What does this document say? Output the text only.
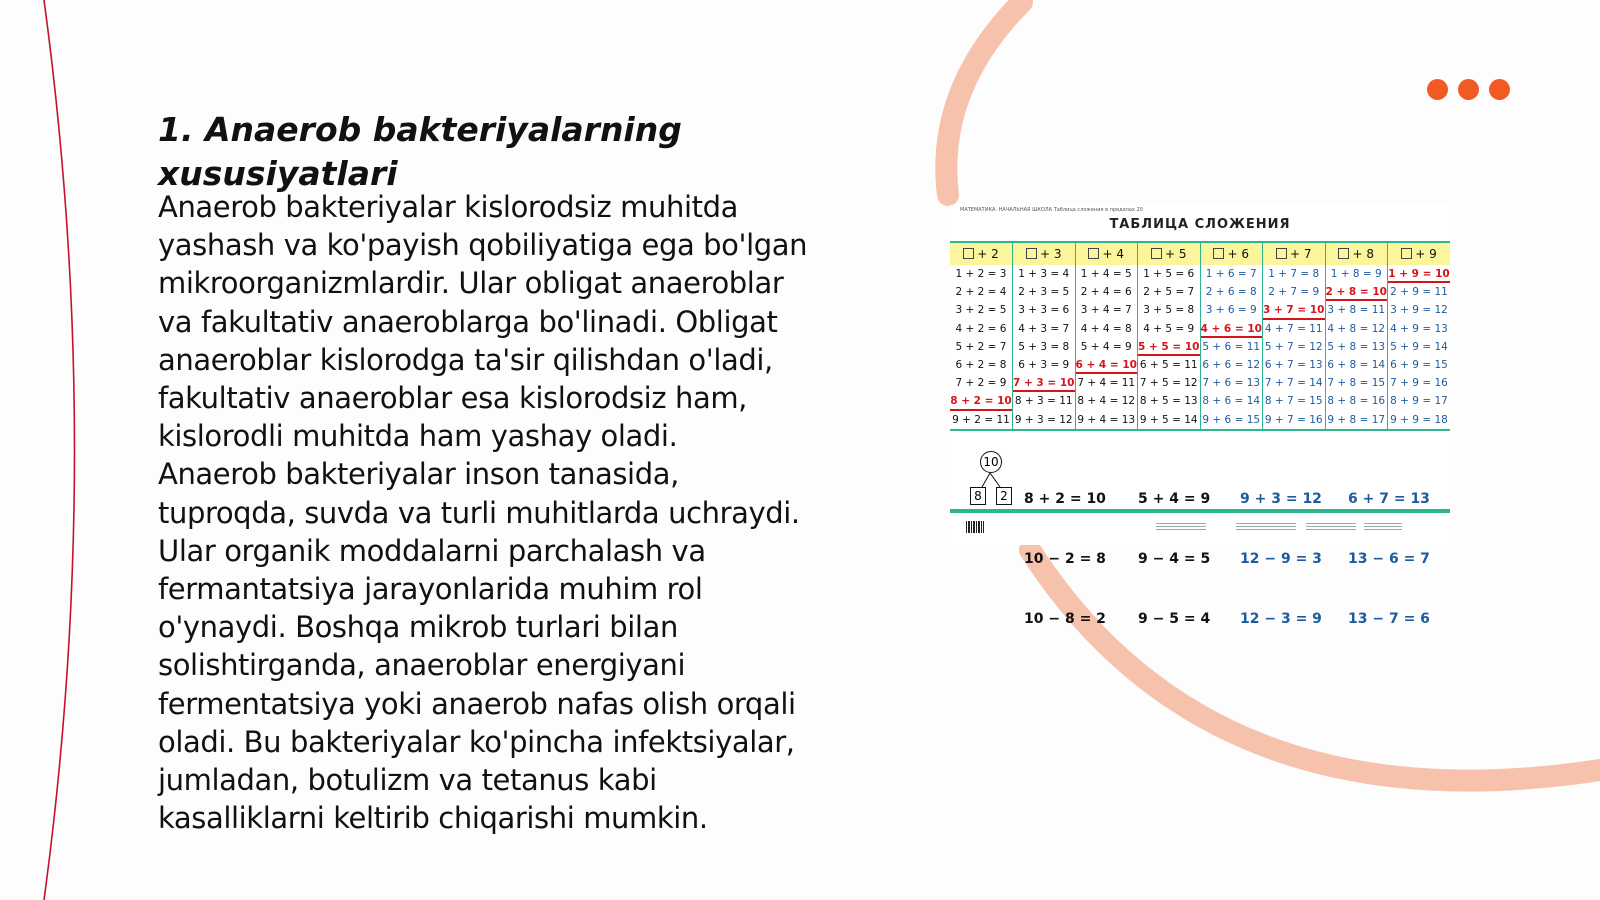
1. Anaerob bakteriyalarning xususiyatlari
Anaerob bakteriyalar kislorodsiz muhitda
yashash va ko'payish qobiliyatiga ega bo'lgan
mikroorganizmlardir. Ular obligat anaeroblar
va fakultativ anaeroblarga bo'linadi. Obligat
anaeroblar kislorodga ta'sir qilishdan o'ladi,
fakultativ anaeroblar esa kislorodsiz ham,
kislorodli muhitda ham yashay oladi.
Anaerob bakteriyalar inson tanasida,
tuproqda, suvda va turli muhitlarda uchraydi.
Ular organik moddalarni parchalash va
fermantatsiya jarayonlarida muhim rol
o'ynaydi. Boshqa mikrob turlari bilan
solishtirganda, anaeroblar energiyani
fermentatsiya yoki anaerob nafas olish orqali
oladi. Bu bakteriyalar ko'pincha infektsiyalar,
jumladan, botulizm va tetanus kabi
kasalliklarni keltirib chiqarishi mumkin.
МАТЕМАТИКА. НАЧАЛЬНАЯ ШКОЛА Таблица сложения в пределах 20
ТАБЛИЦА СЛОЖЕНИЯ
+ 2	+ 3	+ 4	+ 5	+ 6	+ 7	+ 8	+ 9
1 + 2 = 3	1 + 3 = 4	1 + 4 = 5	1 + 5 = 6	1 + 6 = 7	1 + 7 = 8	1 + 8 = 9	1 + 9 = 10
2 + 2 = 4	2 + 3 = 5	2 + 4 = 6	2 + 5 = 7	2 + 6 = 8	2 + 7 = 9	2 + 8 = 10	2 + 9 = 11
3 + 2 = 5	3 + 3 = 6	3 + 4 = 7	3 + 5 = 8	3 + 6 = 9	3 + 7 = 10	3 + 8 = 11	3 + 9 = 12
4 + 2 = 6	4 + 3 = 7	4 + 4 = 8	4 + 5 = 9	4 + 6 = 10	4 + 7 = 11	4 + 8 = 12	4 + 9 = 13
5 + 2 = 7	5 + 3 = 8	5 + 4 = 9	5 + 5 = 10	5 + 6 = 11	5 + 7 = 12	5 + 8 = 13	5 + 9 = 14
6 + 2 = 8	6 + 3 = 9	6 + 4 = 10	6 + 5 = 11	6 + 6 = 12	6 + 7 = 13	6 + 8 = 14	6 + 9 = 15
7 + 2 = 9	7 + 3 = 10	7 + 4 = 11	7 + 5 = 12	7 + 6 = 13	7 + 7 = 14	7 + 8 = 15	7 + 9 = 16
8 + 2 = 10	8 + 3 = 11	8 + 4 = 12	8 + 5 = 13	8 + 6 = 14	8 + 7 = 15	8 + 8 = 16	8 + 9 = 17
9 + 2 = 11	9 + 3 = 12	9 + 4 = 13	9 + 5 = 14	9 + 6 = 15	9 + 7 = 16	9 + 8 = 17	9 + 9 = 18
10
8	2

8 + 2 = 10

10 − 2 = 8

10 − 8 = 2

5 + 4 = 9

9 − 4 = 5

9 − 5 = 4

9 + 3 = 12

12 − 9 = 3

12 − 3 = 9

6 + 7 = 13

13 − 6 = 7

13 − 7 = 6
